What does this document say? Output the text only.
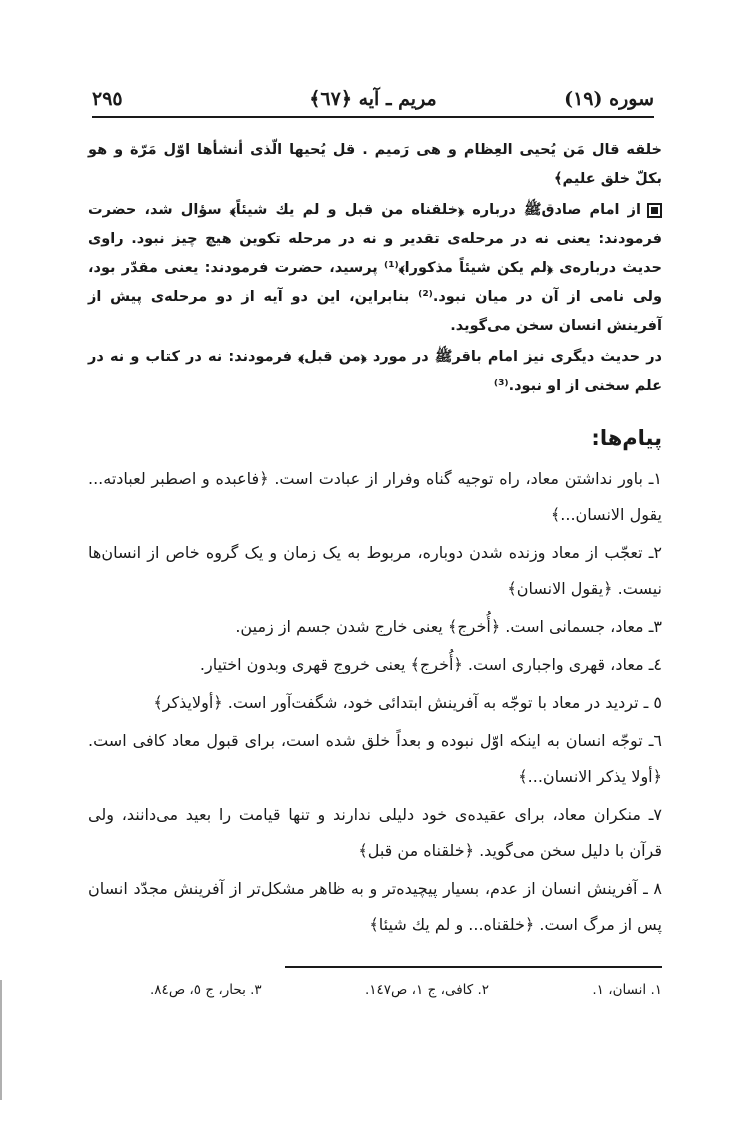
سوره (١٩)
مریم ـ آیه ﴿٦٧﴾
٢٩٥

خلقه قال مَن يُحيى العِظام و هى رَميم . قل يُحيها الّذى أنشأها اوّل مَرّة و هو بكلّ خلق عليم﴾

از امام صادقﷺ درباره ﴿خلقناه من قبل و لم يك شيئاً﴾ سؤال شد، حضرت فرمودند: یعنی نه در مرحله‌ی تقدیر و نه در مرحله تکوین هیچ چیز نبود. راوی حدیث درباره‌ی ﴿لم يكن شيئاً مذكورا﴾⁽¹⁾ پرسید، حضرت فرمودند: یعنی مقدّر بود، ولی نامی از آن در میان نبود.⁽²⁾ بنابراین، این دو آیه از دو مرحله‌ی پیش از آفرینش انسان سخن می‌گوید.

در حدیث دیگری نیز امام باقرﷺ در مورد ﴿من قبل﴾ فرمودند: نه در کتاب و نه در علم سخنی از او نبود.⁽³⁾

پیام‌ها:

١ـ باور نداشتن معاد، راه توجیه گناه وفرار از عبادت است. ﴿فاعبده و اصطبر لعبادته... يقول الانسان...﴾

٢ـ تعجّب از معاد وزنده شدن دوباره، مربوط به یک زمان و یک گروه خاص از انسان‌ها نیست. ﴿يقول الانسان﴾

٣ـ معاد، جسمانی است. ﴿أُخرج﴾ یعنی خارج شدن جسم از زمین.

٤ـ معاد، قهری واجباری است. ﴿أُخرج﴾ یعنی خروج قهری وبدون اختیار.

٥ ـ تردید در معاد با توجّه به آفرینش ابتدائی خود، شگفت‌آور است. ﴿أولايذكر﴾

٦ـ توجّه انسان به اینکه اوّل نبوده و بعداً خلق شده است، برای قبول معاد کافی است. ﴿أولا يذكر الانسان...﴾

٧ـ منکران معاد، برای عقیده‌ی خود دلیلی ندارند و تنها قیامت را بعید می‌دانند، ولی قرآن با دلیل سخن می‌گوید. ﴿خلقناه من قبل﴾

٨ ـ آفرینش انسان از عدم، بسیار پیچیده‌تر و به ظاهر مشکل‌تر از آفرینش مجدّد انسان پس از مرگ است. ﴿خلقناه... و لم يك شيئا﴾

١. انسان، ١.
٢. کافی، ج ١، ص١٤٧.
٣. بحار، ج ٥، ص٨٤.
